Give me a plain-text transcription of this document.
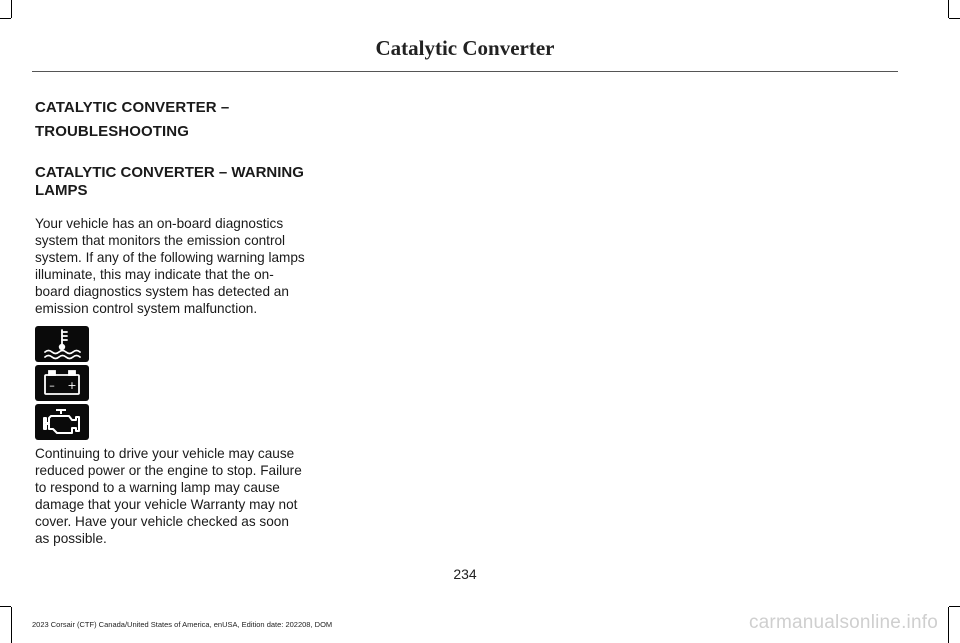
Catalytic Converter
CATALYTIC CONVERTER –
TROUBLESHOOTING
CATALYTIC CONVERTER – WARNING LAMPS

Your vehicle has an on-board diagnostics system that monitors the emission control system. If any of the following warning lamps illuminate, this may indicate that the on-board diagnostics system has detected an emission control system malfunction.

– +

Continuing to drive your vehicle may cause reduced power or the engine to stop. Failure to respond to a warning lamp may cause damage that your vehicle Warranty may not cover. Have your vehicle checked as soon as possible.

234
2023 Corsair (CTF) Canada/United States of America, enUSA, Edition date: 202208, DOM	carmanualsonline.info
